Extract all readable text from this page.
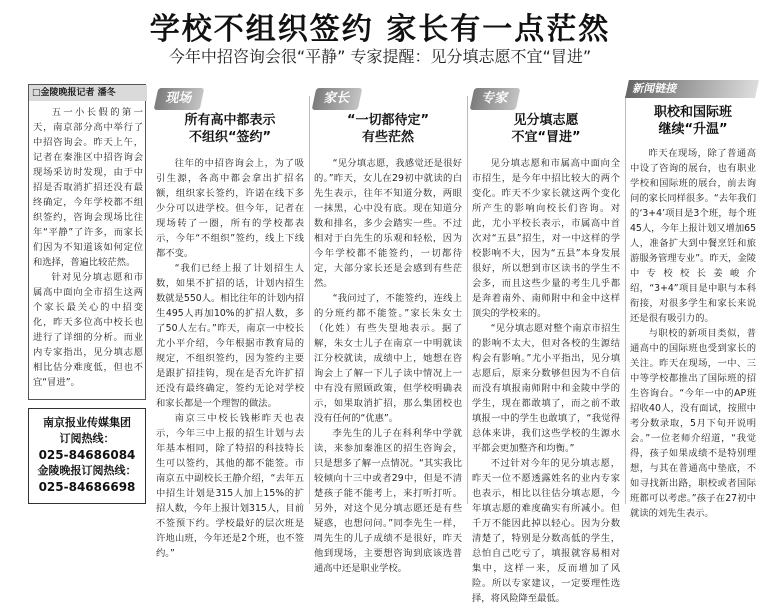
学校不组织签约 家长有一点茫然
今年中招咨询会很“平静” 专家提醒：见分填志愿不宜“冒进”
□金陵晚报记者 潘冬

五一小长假的第一天，南京部分高中举行了中招咨询会。昨天上午，记者在秦淮区中招咨询会现场采访时发现，由于中招是否取消扩招还没有最终确定，今年学校都不组织签约，咨询会现场比往年“平静”了许多，而家长们因为不知道该如何定位和选择，普遍比较茫然。

针对见分填志愿和市属高中面向全市招生这两个家长最关心的中招变化，昨天多位高中校长也进行了详细的分析。而业内专家指出，见分填志愿相比估分难度低，但也不宜“冒进”。

南京报业传媒集团
订阅热线：
025-84686084
金陵晚报订阅热线：
025-84686698
现场
所有高中都表示
不组织“签约”

往年的中招咨询会上，为了吸引生源，各高中都会拿出扩招名额，组织家长签约，许诺在线下多少分可以进学校。但今年，记者在现场转了一圈，所有的学校都表示，今年“不组织”签约，线上下线都不变。

“我们已经上报了计划招生人数，如果不扩招的话，计划内招生数就是550人。相比往年的计划内招生495人再加10%的扩招人数，多了50人左右。”昨天，南京一中校长尤小平介绍，今年根据市教育局的规定，不组织签约，因为签约主要是跟扩招挂钩，现在是否允许扩招还没有最终确定，签约无论对学校和家长都是一个理智的做法。

南京三中校长钱彬昨天也表示，今年三中上报的招生计划与去年基本相同，除了特招的科技特长生可以签约，其他的都不能签。市南京五中副校长王静介绍，“去年五中招生计划是315人加上15%的扩招人数，今年上报计划315人，目前不签预下约。学校最好的层次班是许地山班，今年还是2个班，也不签约。”

家长
“一切都待定”
有些茫然

“见分填志愿，我感觉还是很好的。”昨天，女儿在29初中就读的白先生表示，往年不知道分数，两眼一抹黑，心中没有底。现在知道分数和排名，多少会踏实一些。不过相对于白先生的乐观和轻松，因为今年学校都不能签约，一切都待定，大部分家长还是会感到有些茫然。

“我问过了，不能签约，连线上的分班约都不能签。”家长朱女士（化姓）有些失望地表示。据了解，朱女士儿子在南京一中明就读江分校就读，成绩中上，她想在咨询会上了解一下儿子读中情况上一中有没有照顾政策，但学校明确表示，如果取消扩招，那么集团校也没有任何的“优惠”。

李先生的儿子在科利华中学就读，来参加秦淮区的招生咨询会，只是想多了解一点情况。“其实我比较倾向十三中或者29中，但是不清楚孩子能不能考上，来打听打听。另外，对这个见分填志愿还是有些疑惑，也想问问。”同李先生一样，周先生的儿子成绩不是很好，昨天他到现场，主要想咨询到底该选普通高中还是职业学校。

专家
见分填志愿
不宜“冒进”

见分填志愿和市属高中面向全市招生，是今年中招比较大的两个变化。昨天不少家长就这两个变化所产生的影响向校长们咨询。对此，尤小平校长表示，市属高中首次对“五县”招生，对一中这样的学校影响不大，因为“五县”本身发展很好，所以想到市区读书的学生不会多，而且这些少量的考生几乎都是奔着南外、南师附中和金中这样顶尖的学校来的。

“见分填志愿对整个南京市招生的影响不太大，但对各校的生源结构会有影响。”尤小平指出，见分填志愿后，原来分数够但因为不自信而没有填报南师附中和金陵中学的学生，现在都敢填了，而之前不敢填报一中的学生也敢填了，“我觉得总体来讲，我们这些学校的生源水平都会更加整齐和均衡。”

不过针对今年的见分填志愿，昨天一位不愿透露姓名的业内专家也表示，相比以往估分填志愿，今年填志愿的难度确实有所减小。但千万不能因此掉以轻心。因为分数清楚了，特别是分数高低的学生，总怕自己吃亏了，填报就容易相对集中，这样一来，反而增加了风险。所以专家建议，一定要理性选择，将风险降至最低。

新闻链接
职校和国际班
继续“升温”

昨天在现场，除了普通高中设了咨询的展台，也有职业学校和国际班的展台，前去询问的家长同样很多。“去年我们的‘3+4’项目是3个班，每个班45人，今年上报计划又增加65人，准备扩大到中餐烹饪和旅游服务管理专业”。昨天，金陵中专校校长姜峻介绍，“3+4”项目是中职与本科衔接，对很多学生和家长来说还是很有吸引力的。

与职校的新项目类似，普通高中的国际班也受到家长的关注。昨天在现场，一中、三中等学校都推出了国际班的招生咨询台。“今年一中的AP班招收40人，没有面试，按照中考分数录取，5月下旬开说明会。”一位老师介绍道，“我觉得，孩子如果成绩不是特别理想，与其在普通高中垫底，不如寻找新出路，职校或者国际班都可以考虑。”孩子在27初中就读的刘先生表示。
